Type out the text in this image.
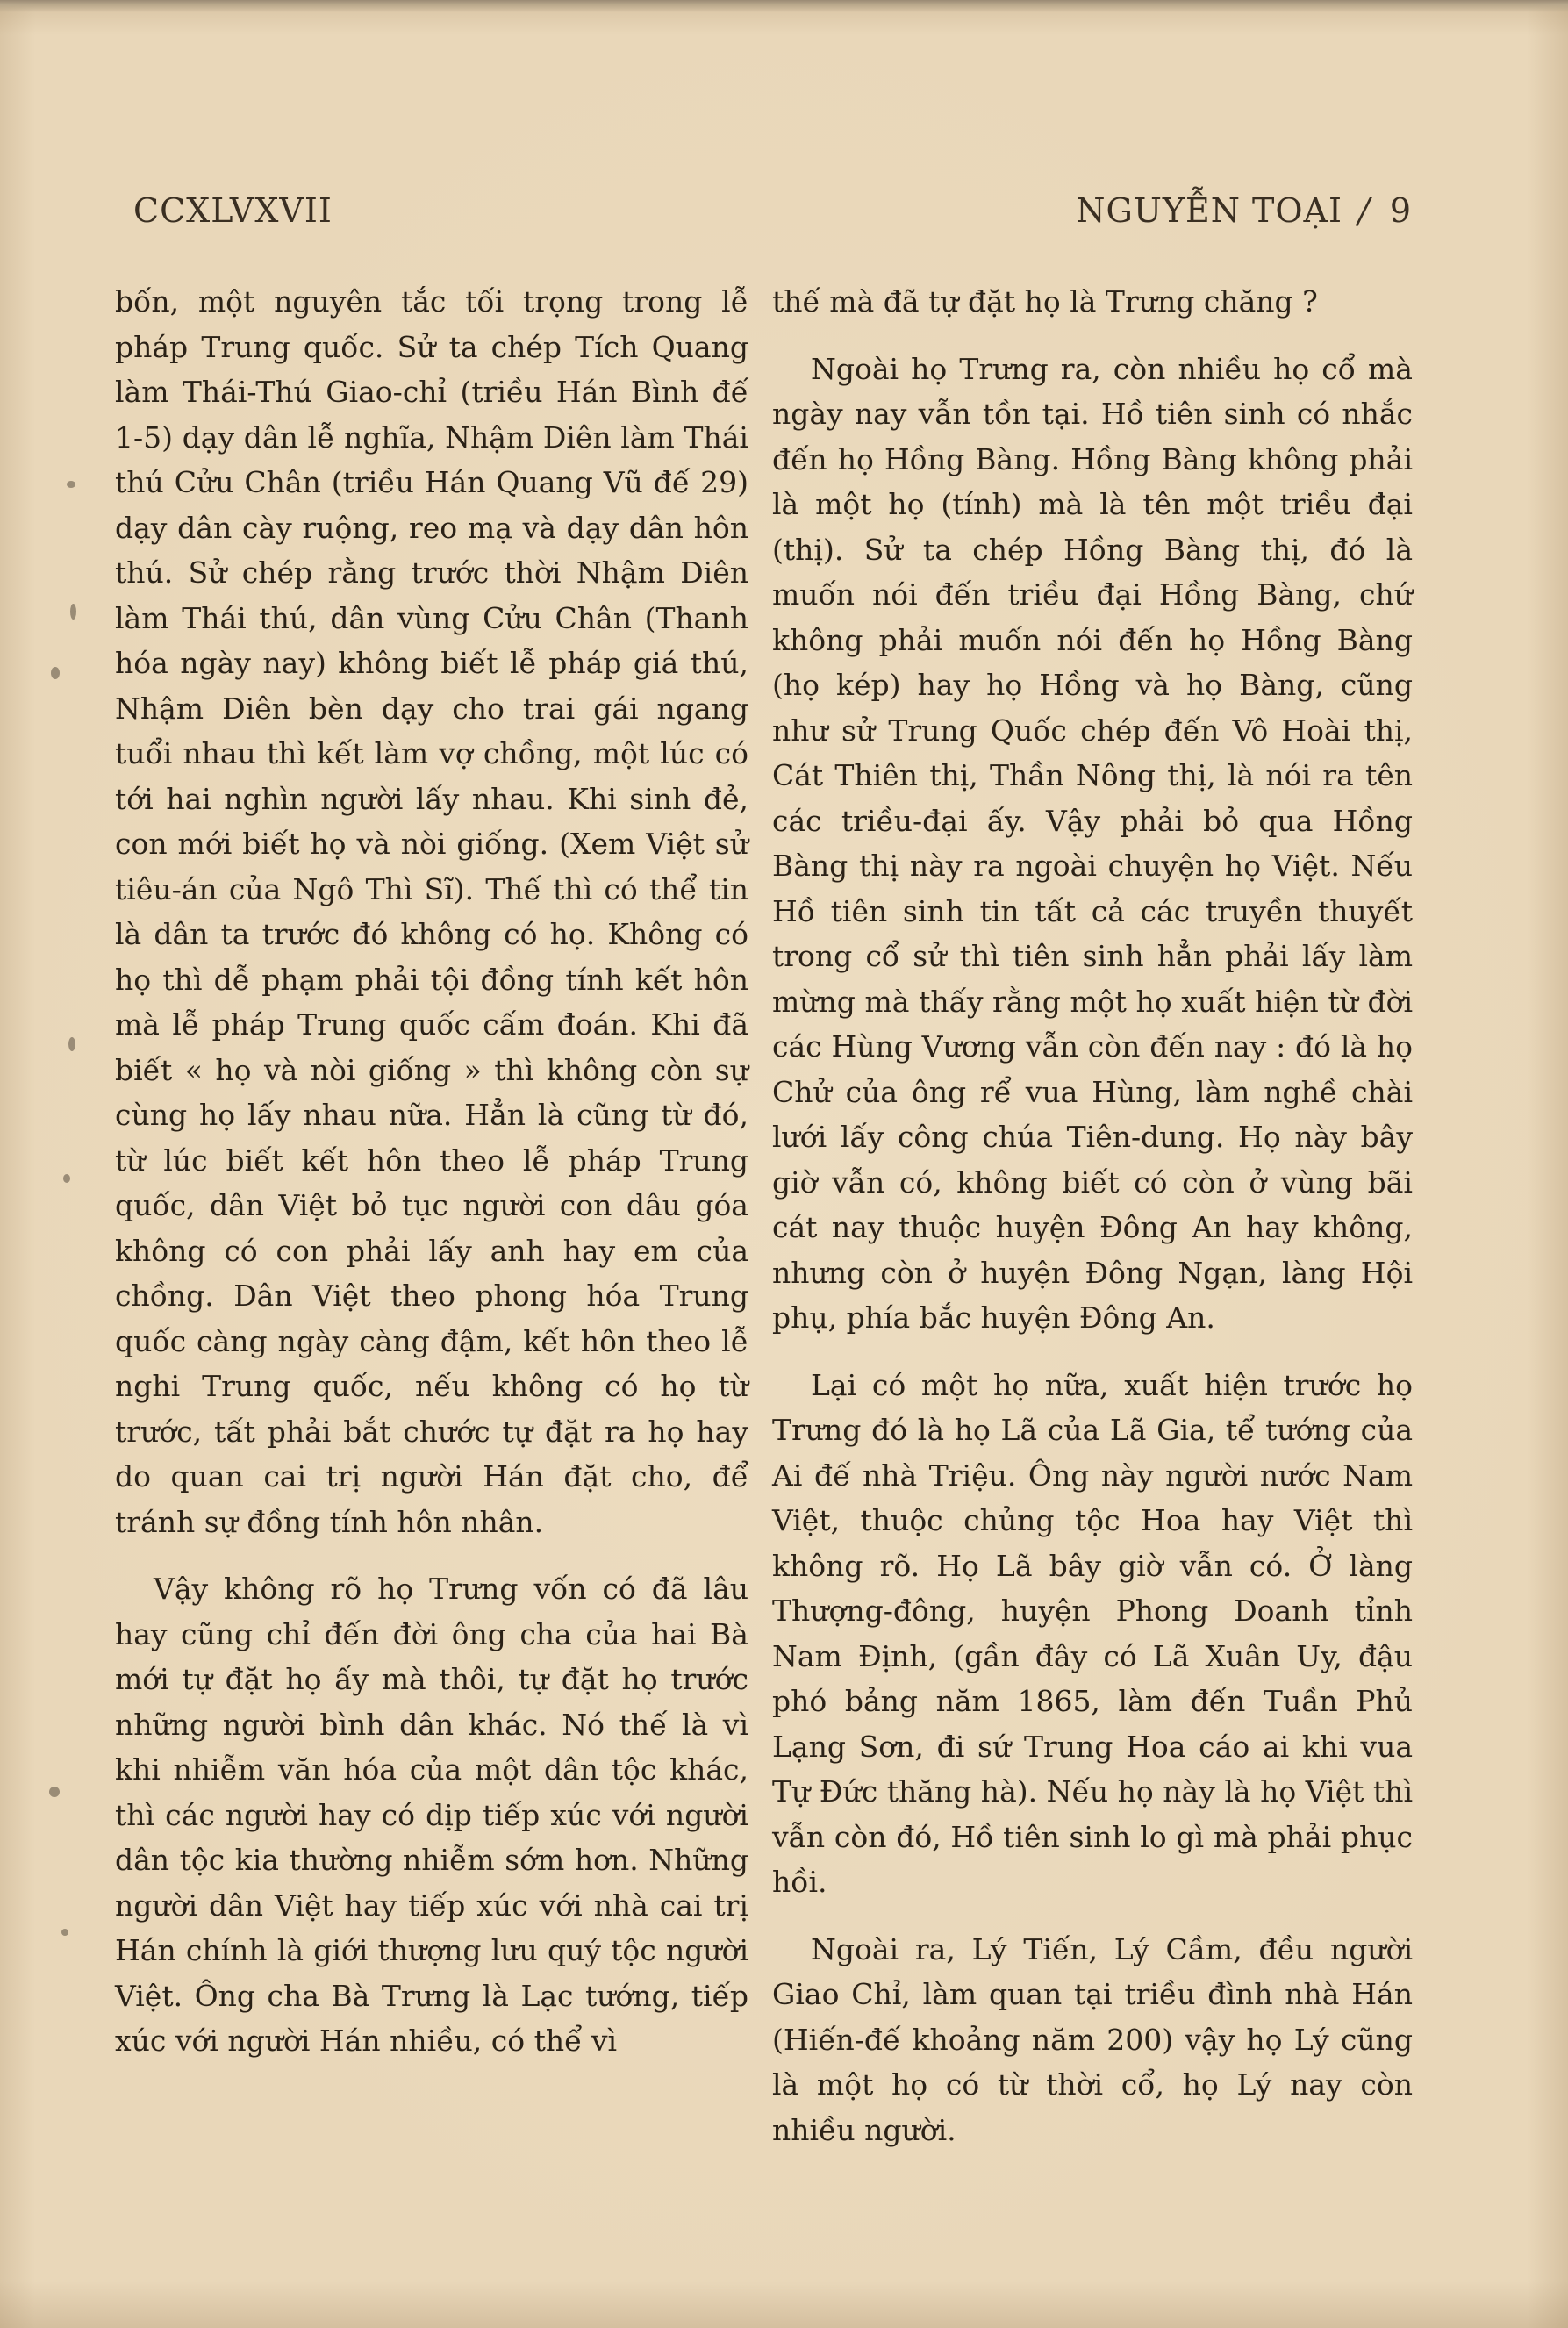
CCXLVXVII	NGUYỄN TOẠI / 9

bốn, một nguyên tắc tối trọng trong lễ pháp Trung quốc. Sử ta chép Tích Quang làm Thái-Thú Giao-chỉ (triều Hán Bình đế 1-5) dạy dân lễ nghĩa, Nhậm Diên làm Thái thú Cửu Chân (triều Hán Quang Vũ đế 29) dạy dân cày ruộng, reo mạ và dạy dân hôn thú. Sử chép rằng trước thời Nhậm Diên làm Thái thú, dân vùng Cửu Chân (Thanh hóa ngày nay) không biết lễ pháp giá thú, Nhậm Diên bèn dạy cho trai gái ngang tuổi nhau thì kết làm vợ chồng, một lúc có tới hai nghìn người lấy nhau. Khi sinh đẻ, con mới biết họ và nòi giống. (Xem Việt sử tiêu-án của Ngô Thì Sĩ). Thế thì có thể tin là dân ta trước đó không có họ. Không có họ thì dễ phạm phải tội đồng tính kết hôn mà lễ pháp Trung quốc cấm đoán. Khi đã biết « họ và nòi giống » thì không còn sự cùng họ lấy nhau nữa. Hẳn là cũng từ đó, từ lúc biết kết hôn theo lễ pháp Trung quốc, dân Việt bỏ tục người con dâu góa không có con phải lấy anh hay em của chồng. Dân Việt theo phong hóa Trung quốc càng ngày càng đậm, kết hôn theo lễ nghi Trung quốc, nếu không có họ từ trước, tất phải bắt chước tự đặt ra họ hay do quan cai trị người Hán đặt cho, để tránh sự đồng tính hôn nhân.

Vậy không rõ họ Trưng vốn có đã lâu hay cũng chỉ đến đời ông cha của hai Bà mới tự đặt họ ấy mà thôi, tự đặt họ trước những người bình dân khác. Nó thế là vì khi nhiễm văn hóa của một dân tộc khác, thì các người hay có dịp tiếp xúc với người dân tộc kia thường nhiễm sớm hơn. Những người dân Việt hay tiếp xúc với nhà cai trị Hán chính là giới thượng lưu quý tộc người Việt. Ông cha Bà Trưng là Lạc tướng, tiếp xúc với người Hán nhiều, có thể vì

thế mà đã tự đặt họ là Trưng chăng ?

Ngoài họ Trưng ra, còn nhiều họ cổ mà ngày nay vẫn tồn tại. Hồ tiên sinh có nhắc đến họ Hồng Bàng. Hồng Bàng không phải là một họ (tính) mà là tên một triều đại (thị). Sử ta chép Hồng Bàng thị, đó là muốn nói đến triều đại Hồng Bàng, chứ không phải muốn nói đến họ Hồng Bàng (họ kép) hay họ Hồng và họ Bàng, cũng như sử Trung Quốc chép đến Vô Hoài thị, Cát Thiên thị, Thần Nông thị, là nói ra tên các triều-đại ấy. Vậy phải bỏ qua Hồng Bàng thị này ra ngoài chuyện họ Việt. Nếu Hồ tiên sinh tin tất cả các truyền thuyết trong cổ sử thì tiên sinh hẳn phải lấy làm mừng mà thấy rằng một họ xuất hiện từ đời các Hùng Vương vẫn còn đến nay : đó là họ Chử của ông rể vua Hùng, làm nghề chài lưới lấy công chúa Tiên-dung. Họ này bây giờ vẫn có, không biết có còn ở vùng bãi cát nay thuộc huyện Đông An hay không, nhưng còn ở huyện Đông Ngạn, làng Hội phụ, phía bắc huyện Đông An.

Lại có một họ nữa, xuất hiện trước họ Trưng đó là họ Lã của Lã Gia, tể tướng của Ai đế nhà Triệu. Ông này người nước Nam Việt, thuộc chủng tộc Hoa hay Việt thì không rõ. Họ Lã bây giờ vẫn có. Ở làng Thượng-đông, huyện Phong Doanh tỉnh Nam Định, (gần đây có Lã Xuân Uy, đậu phó bảng năm 1865, làm đến Tuần Phủ Lạng Sơn, đi sứ Trung Hoa cáo ai khi vua Tự Đức thăng hà). Nếu họ này là họ Việt thì vẫn còn đó, Hồ tiên sinh lo gì mà phải phục hồi.

Ngoài ra, Lý Tiến, Lý Cầm, đều người Giao Chỉ, làm quan tại triều đình nhà Hán (Hiến-đế khoảng năm 200) vậy họ Lý cũng là một họ có từ thời cổ, họ Lý nay còn nhiều người.
